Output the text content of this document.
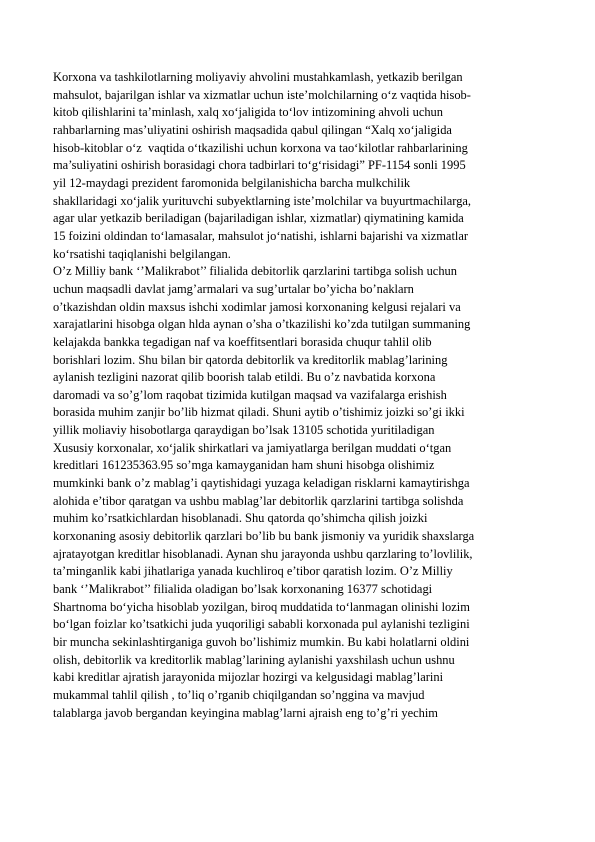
Korxona va tashkilotlarning moliyaviy ahvolini mustahkamlash, yetkazib berilgan
mahsulot, bajarilgan ishlar va xizmatlar uchun iste’molchilarning o‘z vaqtida hisob-
kitob qilishlarini ta’minlash, xalq xo‘jaligida to‘lov intizomining ahvoli uchun
rahbarlarning mas’uliyatini oshirish maqsadida qabul qilingan “Xalq xo‘jaligida
hisob-kitoblar o‘z  vaqtida o‘tkazilishi uchun korxona va tao‘kilotlar rahbarlarining
ma’suliyatini oshirish borasidagi chora tadbirlari to‘g‘risidagi” PF-1154 sonli 1995
yil 12-maydagi prezident faromonida belgilanishicha barcha mulkchilik
shakllaridagi xo‘jalik yurituvchi subyektlarning iste’molchilar va buyurtmachilarga,
agar ular yetkazib beriladigan (bajariladigan ishlar, xizmatlar) qiymatining kamida
15 foizini oldindan to‘lamasalar, mahsulot jo‘natishi, ishlarni bajarishi va xizmatlar
ko‘rsatishi taqiqlanishi belgilangan.
O’z Milliy bank ‘’Malikrabot’’ filialida debitorlik qarzlarini tartibga solish uchun
uchun maqsadli davlat jamg’armalari va sug’urtalar bo’yicha bo’naklarn
o’tkazishdan oldin maxsus ishchi xodimlar jamosi korxonaning kelgusi rejalari va
xarajatlarini hisobga olgan hlda aynan o’sha o’tkazilishi ko’zda tutilgan summaning
kelajakda bankka tegadigan naf va koeffitsentlari borasida chuqur tahlil olib
borishlari lozim. Shu bilan bir qatorda debitorlik va kreditorlik mablag’larining
aylanish tezligini nazorat qilib boorish talab etildi. Bu o’z navbatida korxona
daromadi va so’g’lom raqobat tizimida kutilgan maqsad va vazifalarga erishish
borasida muhim zanjir bo’lib hizmat qiladi. Shuni aytib o’tishimiz joizki so’gi ikki
yillik moliaviy hisobotlarga qaraydigan bo’lsak 13105 schotida yuritiladigan
Xususiy korxonalar, xo‘jalik shirkatlari va jamiyatlarga berilgan muddati o‘tgan
kreditlari 161235363.95 so’mga kamayganidan ham shuni hisobga olishimiz
mumkinki bank o’z mablag’i qaytishidagi yuzaga keladigan risklarni kamaytirishga
alohida e’tibor qaratgan va ushbu mablag’lar debitorlik qarzlarini tartibga solishda
muhim ko’rsatkichlardan hisoblanadi. Shu qatorda qo’shimcha qilish joizki
korxonaning asosiy debitorlik qarzlari bo’lib bu bank jismoniy va yuridik shaxslarga
ajratayotgan kreditlar hisoblanadi. Aynan shu jarayonda ushbu qarzlaring to’lovlilik,
ta’minganlik kabi jihatlariga yanada kuchliroq e’tibor qaratish lozim. O’z Milliy
bank ‘’Malikrabot’’ filialida oladigan bo’lsak korxonaning 16377 schotidagi
Shartnoma bo‘yicha hisoblab yozilgan, biroq muddatida to‘lanmagan olinishi lozim
bo‘lgan foizlar ko’tsatkichi juda yuqoriligi sababli korxonada pul aylanishi tezligini
bir muncha sekinlashtirganiga guvoh bo’lishimiz mumkin. Bu kabi holatlarni oldini
olish, debitorlik va kreditorlik mablag’larining aylanishi yaxshilash uchun ushnu
kabi kreditlar ajratish jarayonida mijozlar hozirgi va kelgusidagi mablag’larini
mukammal tahlil qilish , to’liq o’rganib chiqilgandan so’nggina va mavjud
talablarga javob bergandan keyingina mablag’larni ajraish eng to’g’ri yechim
